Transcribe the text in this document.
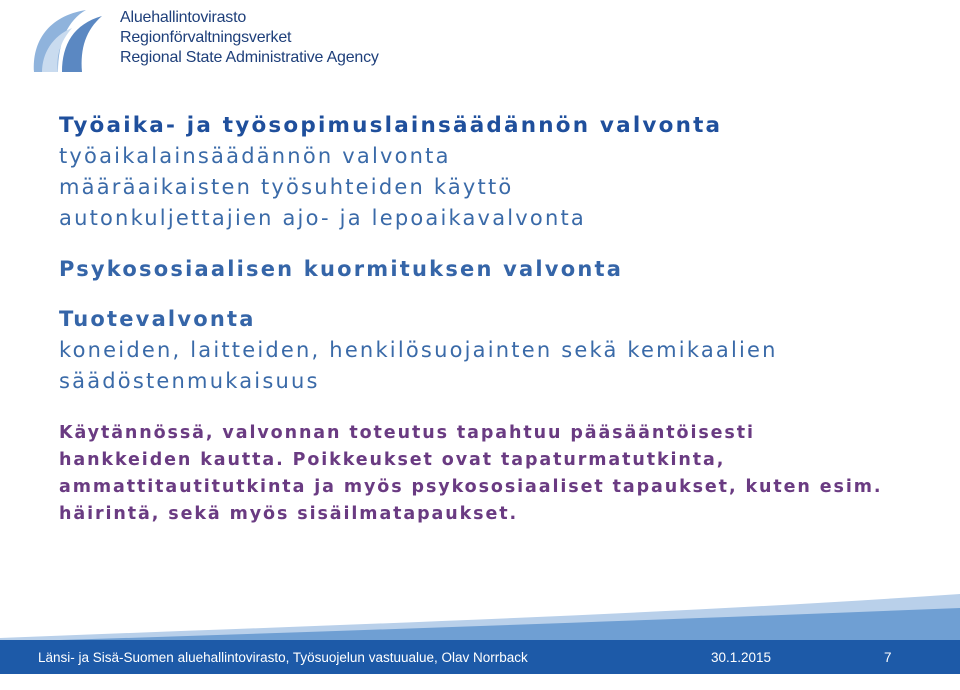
Aluehallintovirasto
Regionförvaltningsverket
Regional State Administrative Agency
Työaika- ja työsopimuslainsäädännön valvonta
työaikalainsäädännön valvonta
määräaikaisten työsuhteiden käyttö
autonkuljettajien ajo- ja lepoaikavalvonta
Psykososiaalisen kuormituksen valvonta
Tuotevalvonta
koneiden, laitteiden, henkilösuojainten sekä kemikaalien
säädöstenmukaisuus
Käytännössä, valvonnan toteutus tapahtuu pääsääntöisesti
hankkeiden kautta. Poikkeukset ovat tapaturmatutkinta,
ammattitautitutkinta ja myös psykososiaaliset tapaukset, kuten esim.
häirintä, sekä myös sisäilmatapaukset.
Länsi- ja Sisä-Suomen aluehallintovirasto, Työsuojelun vastuualue, Olav Norrback	30.1.2015	7
